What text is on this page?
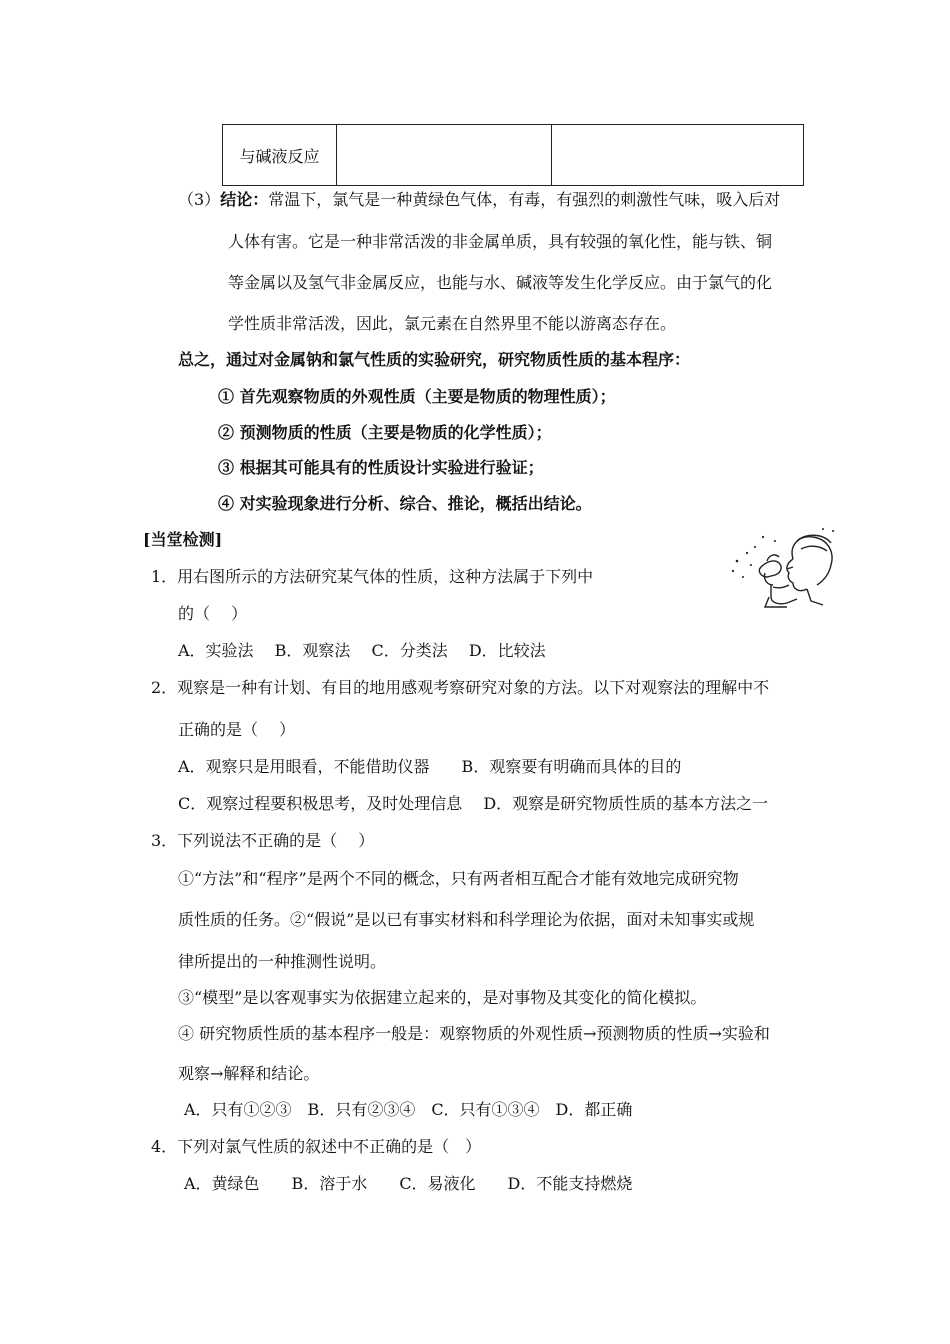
与碱液反应		
（3）结论：常温下，氯气是一种黄绿色气体，有毒，有强烈的刺激性气味，吸入后对
人体有害。它是一种非常活泼的非金属单质，具有较强的氧化性，能与铁、铜
等金属以及氢气非金属反应，也能与水、碱液等发生化学反应。由于氯气的化
学性质非常活泼，因此，氯元素在自然界里不能以游离态存在。
总之，通过对金属钠和氯气性质的实验研究，研究物质性质的基本程序：
① 首先观察物质的外观性质（主要是物质的物理性质）；
② 预测物质的性质（主要是物质的化学性质）；
③ 根据其可能具有的性质设计实验进行验证；
④ 对实验现象进行分析、综合、推论，概括出结论。
[当堂检测]
1．用右图所示的方法研究某气体的性质，这种方法属于下列中
的（　 ）
A．实验法　 B．观察法　 C．分类法　 D．比较法
2．观察是一种有计划、有目的地用感观考察研究对象的方法。以下对观察法的理解中不
正确的是（　 ）
A．观察只是用眼看，不能借助仪器　　B．观察要有明确而具体的目的
C．观察过程要积极思考，及时处理信息　 D．观察是研究物质性质的基本方法之一
3．下列说法不正确的是（　 ）
①“方法”和“程序”是两个不同的概念，只有两者相互配合才能有效地完成研究物
质性质的任务。②“假说”是以已有事实材料和科学理论为依据，面对未知事实或规
律所提出的一种推测性说明。
③“模型”是以客观事实为依据建立起来的，是对事物及其变化的简化模拟。
④ 研究物质性质的基本程序一般是：观察物质的外观性质→预测物质的性质→实验和
观察→解释和结论。
A．只有①②③　B．只有②③④　C．只有①③④　D．都正确
4．下列对氯气性质的叙述中不正确的是（　）
A．黄绿色　　B．溶于水　　C．易液化　　D．不能支持燃烧
